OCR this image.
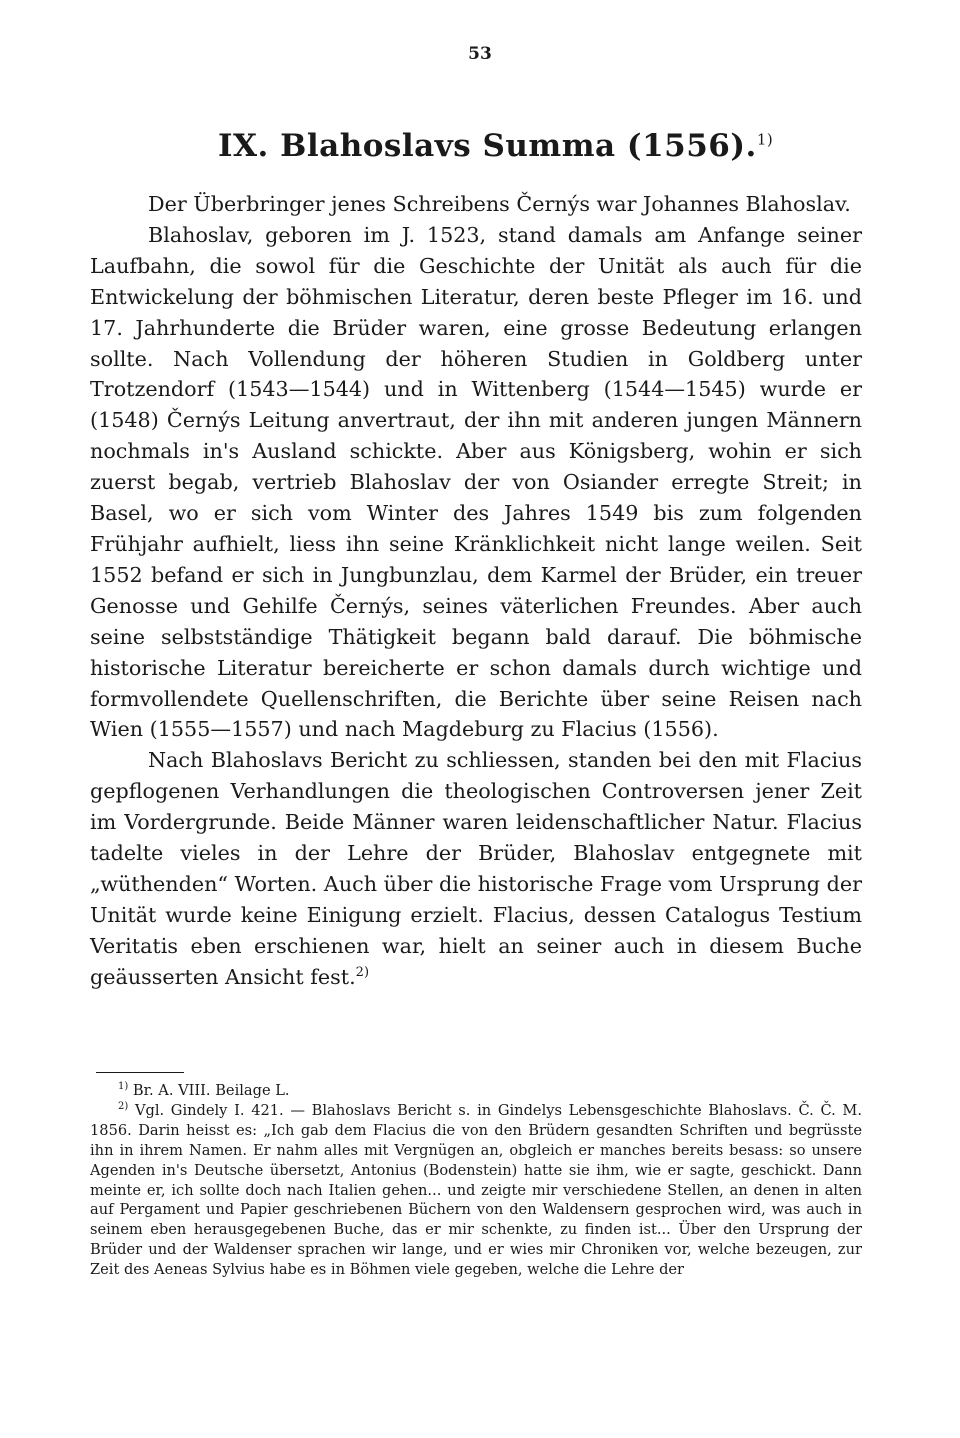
53
IX. Blahoslavs Summa (1556).$^{1)}$

Der Überbringer jenes Schreibens Černýs war Johannes Blahoslav.

Blahoslav, geboren im J. 1523, stand damals am Anfange seiner Laufbahn, die sowol für die Geschichte der Unität als auch für die Entwickelung der böhmischen Literatur, deren beste Pfleger im 16. und 17. Jahrhunderte die Brüder waren, eine grosse Bedeutung erlangen sollte. Nach Vollendung der höheren Studien in Goldberg unter Trotzendorf (1543—1544) und in Wittenberg (1544—1545) wurde er (1548) Černýs Leitung anvertraut, der ihn mit anderen jungen Männern nochmals in's Ausland schickte. Aber aus Königsberg, wohin er sich zuerst begab, vertrieb Blahoslav der von Osiander erregte Streit; in Basel, wo er sich vom Winter des Jahres 1549 bis zum folgenden Frühjahr aufhielt, liess ihn seine Kränklichkeit nicht lange weilen. Seit 1552 befand er sich in Jungbunzlau, dem Karmel der Brüder, ein treuer Genosse und Gehilfe Černýs, seines väterlichen Freundes. Aber auch seine selbstständige Thätigkeit begann bald darauf. Die böhmische historische Literatur bereicherte er schon damals durch wichtige und formvollendete Quellenschriften, die Berichte über seine Reisen nach Wien (1555—1557) und nach Magdeburg zu Flacius (1556).

Nach Blahoslavs Bericht zu schliessen, standen bei den mit Flacius gepflogenen Verhandlungen die theologischen Controversen jener Zeit im Vordergrunde. Beide Männer waren leidenschaftlicher Natur. Flacius tadelte vieles in der Lehre der Brüder, Blahoslav entgegnete mit „wüthenden“ Worten. Auch über die historische Frage vom Ursprung der Unität wurde keine Einigung erzielt. Flacius, dessen Catalogus Testium Veritatis eben erschienen war, hielt an seiner auch in diesem Buche geäusserten Ansicht fest.$^{2)}$

$^{1)}$ Br. A. VIII. Beilage L.

$^{2)}$ Vgl. Gindely I. 421. — Blahoslavs Bericht s. in Gindelys Lebensgeschichte Blahoslavs. Č. Č. M. 1856. Darin heisst es: „Ich gab dem Flacius die von den Brüdern gesandten Schriften und begrüsste ihn in ihrem Namen. Er nahm alles mit Vergnügen an, obgleich er manches bereits besass: so unsere Agenden in's Deutsche übersetzt, Antonius (Bodenstein) hatte sie ihm, wie er sagte, geschickt. Dann meinte er, ich sollte doch nach Italien gehen... und zeigte mir verschiedene Stellen, an denen in alten auf Pergament und Papier geschriebenen Büchern von den Waldensern gesprochen wird, was auch in seinem eben herausgegebenen Buche, das er mir schenkte, zu finden ist... Über den Ursprung der Brüder und der Waldenser sprachen wir lange, und er wies mir Chroniken vor, welche bezeugen, zur Zeit des Aeneas Sylvius habe es in Böhmen viele gegeben, welche die Lehre der
